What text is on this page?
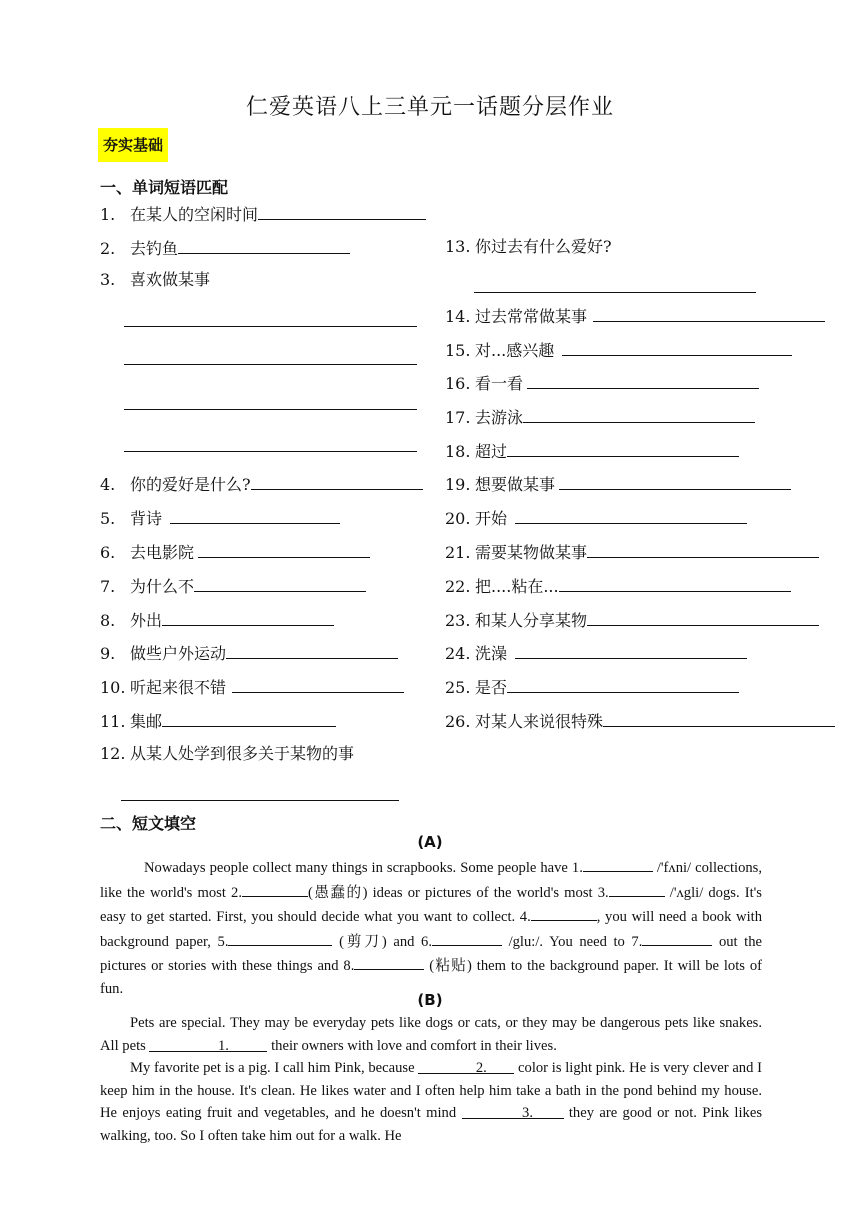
仁爱英语八上三单元一话题分层作业
夯实基础
一、单词短语匹配
1. 在某人的空闲时间
2. 去钓鱼
3. 喜欢做某事
4. 你的爱好是什么?
5. 背诗
6. 去电影院
7. 为什么不
8. 外出
9. 做些户外运动
10. 听起来很不错
11. 集邮
12. 从某人处学到很多关于某物的事
13. 你过去有什么爱好?
14. 过去常常做某事
15. 对...感兴趣
16. 看一看
17. 去游泳
18. 超过
19. 想要做某事
20. 开始
21. 需要某物做某事
22. 把....粘在...
23. 和某人分享某物
24. 洗澡
25. 是否
26. 对某人来说很特殊
二、短文填空
(A)
Nowadays people collect many things in scrapbooks. Some people have 1.	/'fʌni/ collections, like the world's most 2.	(愚蠢的) ideas or pictures of the world's most 3.	/'ʌgli/ dogs. It's easy to get started. First, you should decide what you want to collect. 4.	, you will need a book with background paper, 5.	(剪刀) and 6.	/glu:/. You need to 7.	out the pictures or stories with these things and 8.	(粘贴) them to the background paper. It will be lots of fun.
(B)
Pets are special. They may be everyday pets like dogs or cats, or they may be dangerous pets like snakes. All pets	1.	their owners with love and comfort in their lives.
My favorite pet is a pig. I call him Pink, because	2. color is light pink. He is very clever and I keep him in the house. It's clean. He likes water and I often help him take a bath in the pond behind my house. He enjoys eating fruit and vegetables, and he doesn't mind	3. they are good or not. Pink likes walking, too. So I often take him out for a walk. He
